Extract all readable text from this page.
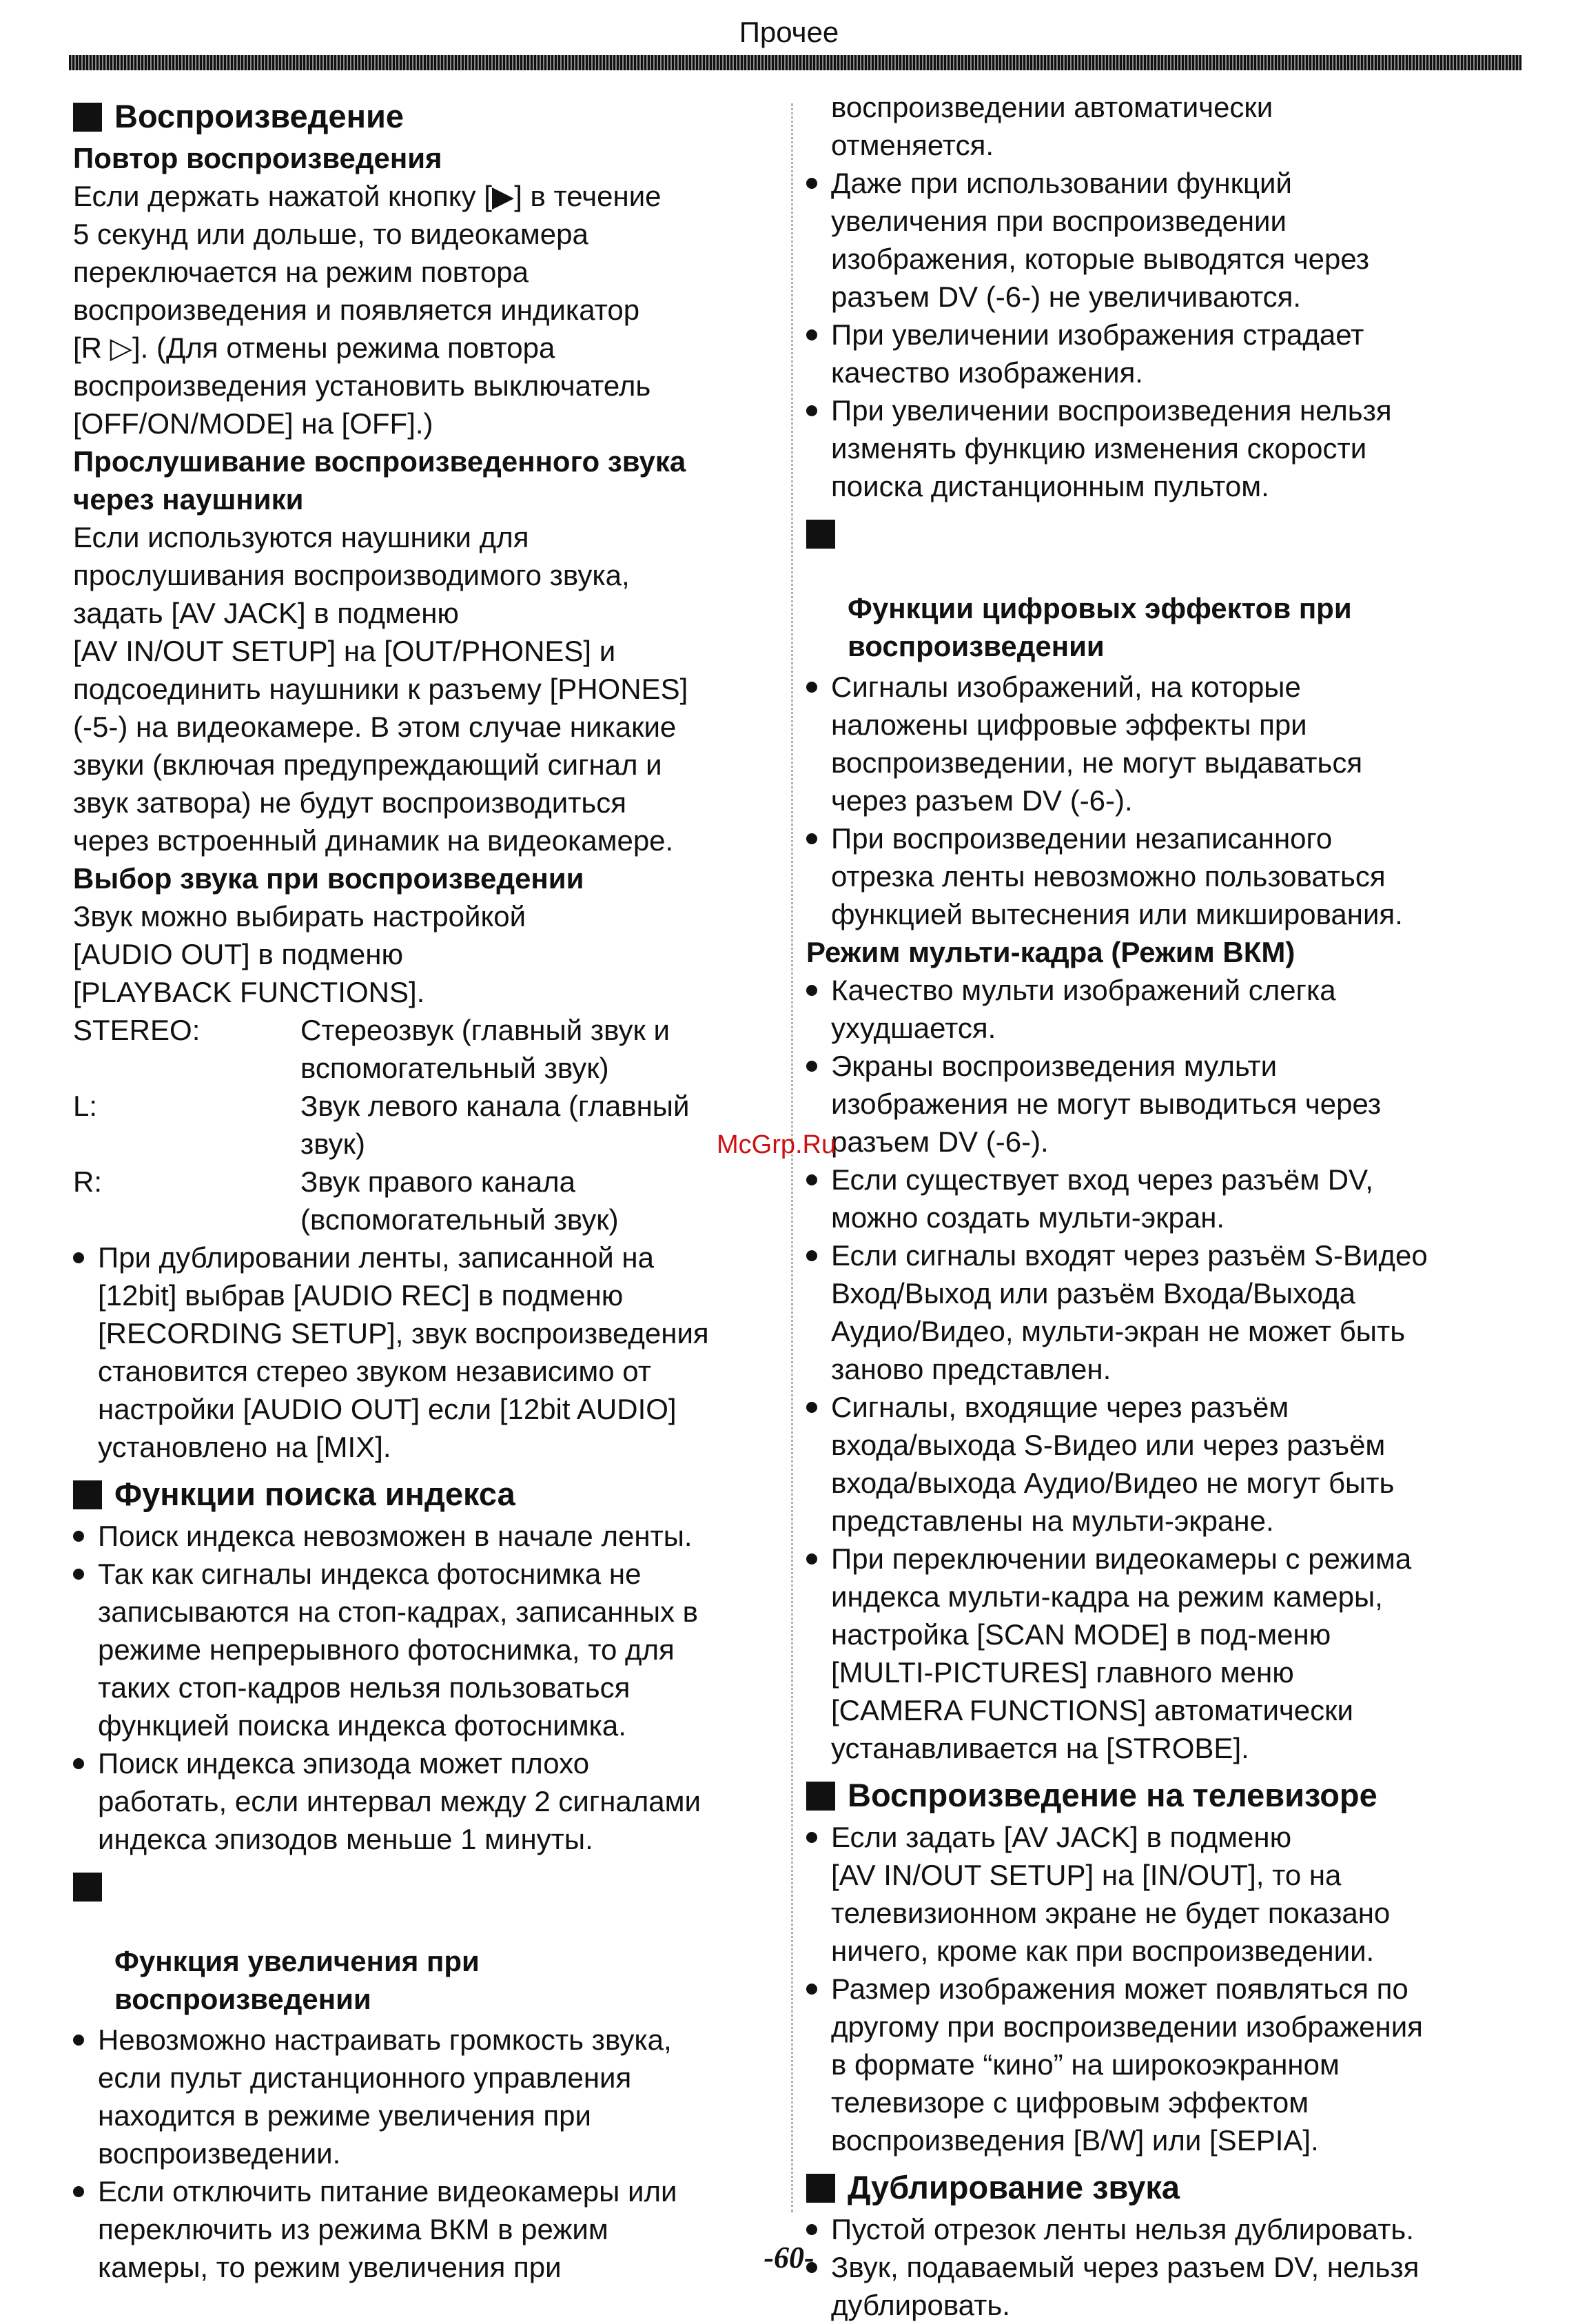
Прочее
Воспроизведение
Повтор воспроизведения
Если держать нажатой кнопку [▶] в течение
5 секунд или дольше, то видеокамера
переключается на режим повтора
воспроизведения и появляется индикатор
[R ▷]. (Для отмены режима повтора
воспроизведения установить выключатель
[OFF/ON/MODE] на [OFF].)
Прослушивание воспроизведенного звука
через наушники
Если используются наушники для
прослушивания воспроизводимого звука,
задать [AV JACK] в подменю
[AV IN/OUT SETUP] на [OUT/PHONES] и
подсоединить наушники к разъему [PHONES]
(-5-) на видеокамере. В этом случае никакие
звуки (включая предупреждающий сигнал и
звук затвора) не будут воспроизводиться
через встроенный динамик на видеокамере.
Выбор звука при воспроизведении
Звук можно выбирать настройкой
[AUDIO OUT] в подменю
[PLAYBACK FUNCTIONS].
STEREO:	Стереозвук (главный звук и
вспомогательный звук)
L:	Звук левого канала (главный
звук)
R:	Звук правого канала
(вспомогательный звук)
При дублировании ленты, записанной на
[12bit] выбрав [AUDIO REC] в подменю
[RECORDING SETUP], звук воспроизведения
становится стерео звуком независимо от
настройки [AUDIO OUT] если [12bit AUDIO]
установлено на [MIX].
Функции поиска индекса
Поиск индекса невозможен в начале ленты.
Так как сигналы индекса фотоснимка не
записываются на стоп-кадрах, записанных в
режиме непрерывного фотоснимка, то для
таких стоп-кадров нельзя пользоваться
функцией поиска индекса фотоснимка.
Поиск индекса эпизода может плохо
работать, если интервал между 2 сигналами
индекса эпизодов меньше 1 минуты.

Функция увеличения при
воспроизведении

Невозможно настраивать громкость звука,
если пульт дистанционного управления
находится в режиме увеличения при
воспроизведении.
Если отключить питание видеокамеры или
переключить из режима ВКМ в режим
камеры, то режим увеличения при
воспроизведении автоматически
отменяется.
Даже при использовании функций
увеличения при воспроизведении
изображения, которые выводятся через
разъем DV (-6-) не увеличиваются.
При увеличении изображения страдает
качество изображения.
При увеличении воспроизведения нельзя
изменять функцию изменения скорости
поиска дистанционным пультом.

Функции цифровых эффектов при
воспроизведении

Сигналы изображений, на которые
наложены цифровые эффекты при
воспроизведении, не могут выдаваться
через разъем DV (-6-).
При воспроизведении незаписанного
отрезка ленты невозможно пользоваться
функцией вытеснения или микширования.
Режим мульти-кадра (Режим ВКМ)
Качество мульти изображений слегка
ухудшается.
Экраны воспроизведения мульти
изображения не могут выводиться через
разъем DV (-6-).
Если существует вход через разъём DV,
можно создать мульти-экран.
Если сигналы входят через разъём S-Видео
Вход/Выход или разъём Входа/Выхода
Аудио/Видео, мульти-экран не может быть
заново представлен.
Сигналы, входящие через разъём
входа/выхода S-Видео или через разъём
входа/выхода Аудио/Видео не могут быть
представлены на мульти-экране.
При переключении видеокамеры с режима
индекса мульти-кадра на режим камеры,
настройка [SCAN MODE] в под-меню
[MULTI-PICTURES] главного меню
[CAMERA FUNCTIONS] автоматически
устанавливается на [STROBE].
Воспроизведение на телевизоре
Если задать [AV JACK] в подменю
[AV IN/OUT SETUP] на [IN/OUT], то на
телевизионном экране не будет показано
ничего, кроме как при воспроизведении.
Размер изображения может появляться по
другому при воспроизведении изображения
в формате “кино” на широкоэкранном
телевизоре с цифровым эффектом
воспроизведения [B/W] или [SEPIA].
Дублирование звука
Пустой отрезок ленты нельзя дублировать.
Звук, подаваемый через разъем DV, нельзя
дублировать.
McGrp.Ru
-60-
